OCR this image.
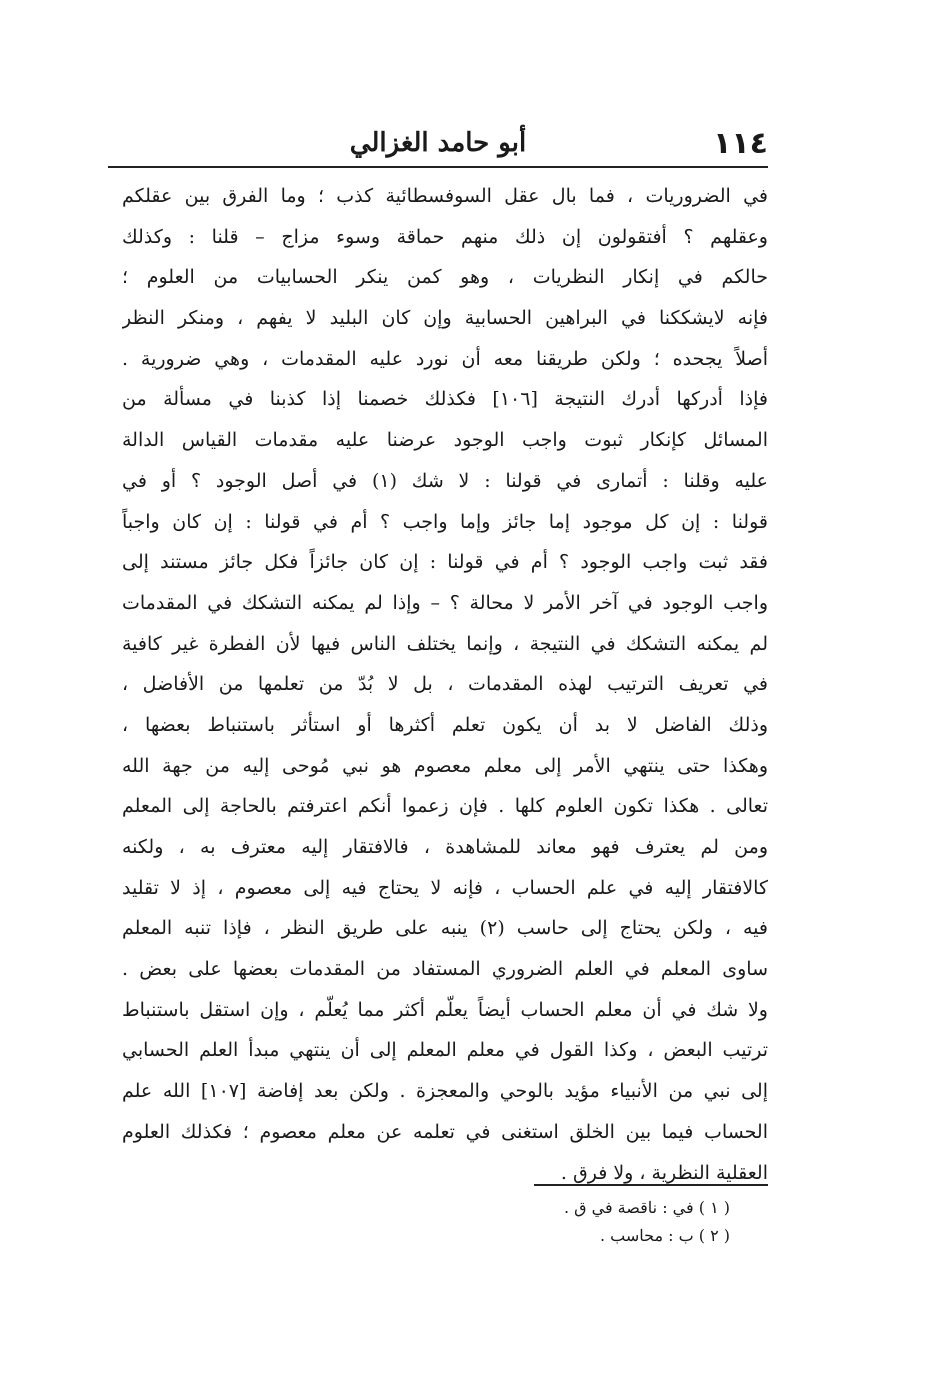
١١٤
أبو حامد الغزالي
في الضروريات ، فما بال عقل السوفسطائية كذب ؛ وما الفرق بين عقلكم
وعقلهم ؟ أفتقولون إن ذلك منهم حماقة وسوء مزاج – قلنا : وكذلك
حالكم في إنكار النظريات ، وهو كمن ينكر الحسابيات من العلوم ؛
فإنه لايشككنا في البراهين الحسابية وإن كان البليد لا يفهم ، ومنكر النظر
أصلاً يجحده ؛ ولكن طريقنا معه أن نورد عليه المقدمات ، وهي ضرورية .
فإذا أدركها أدرك النتيجة [١٠٦] فكذلك خصمنا إذا كذبنا في مسألة من
المسائل كإنكار ثبوت واجب الوجود عرضنا عليه مقدمات القياس الدالة
عليه وقلنا : أتمارى في قولنا : لا شك (١) في أصل الوجود ؟ أو في
قولنا : إن كل موجود إما جائز وإما واجب ؟ أم في قولنا : إن كان واجباً
فقد ثبت واجب الوجود ؟ أم في قولنا : إن كان جائزاً فكل جائز مستند إلى
واجب الوجود في آخر الأمر لا محالة ؟ – وإذا لم يمكنه التشكك في المقدمات
لم يمكنه التشكك في النتيجة ، وإنما يختلف الناس فيها لأن الفطرة غير كافية
في تعريف الترتيب لهذه المقدمات ، بل لا بُدّ من تعلمها من الأفاضل ،
وذلك الفاضل لا بد أن يكون تعلم أكثرها أو استأثر باستنباط بعضها ،
وهكذا حتى ينتهي الأمر إلى معلم معصوم هو نبي مُوحى إليه من جهة الله
تعالى . هكذا تكون العلوم كلها . فإن زعموا أنكم اعترفتم بالحاجة إلى المعلم
ومن لم يعترف فهو معاند للمشاهدة ، فالافتقار إليه معترف به ، ولكنه
كالافتقار إليه في علم الحساب ، فإنه لا يحتاج فيه إلى معصوم ، إذ لا تقليد
فيه ، ولكن يحتاج إلى حاسب (٢) ينبه على طريق النظر ، فإذا تنبه المعلم
ساوى المعلم في العلم الضروري المستفاد من المقدمات بعضها على بعض .
ولا شك في أن معلم الحساب أيضاً يعلّم أكثر مما يُعلّم ، وإن استقل باستنباط
ترتيب البعض ، وكذا القول في معلم المعلم إلى أن ينتهي مبدأ العلم الحسابي
إلى نبي من الأنبياء مؤيد بالوحي والمعجزة . ولكن بعد إفاضة [١٠٧] الله علم
الحساب فيما بين الخلق استغنى في تعلمه عن معلم معصوم ؛ فكذلك العلوم
العقلية النظرية ، ولا فرق .
( ١ ) في : ناقصة في ق .
( ٢ ) ب : محاسب .
